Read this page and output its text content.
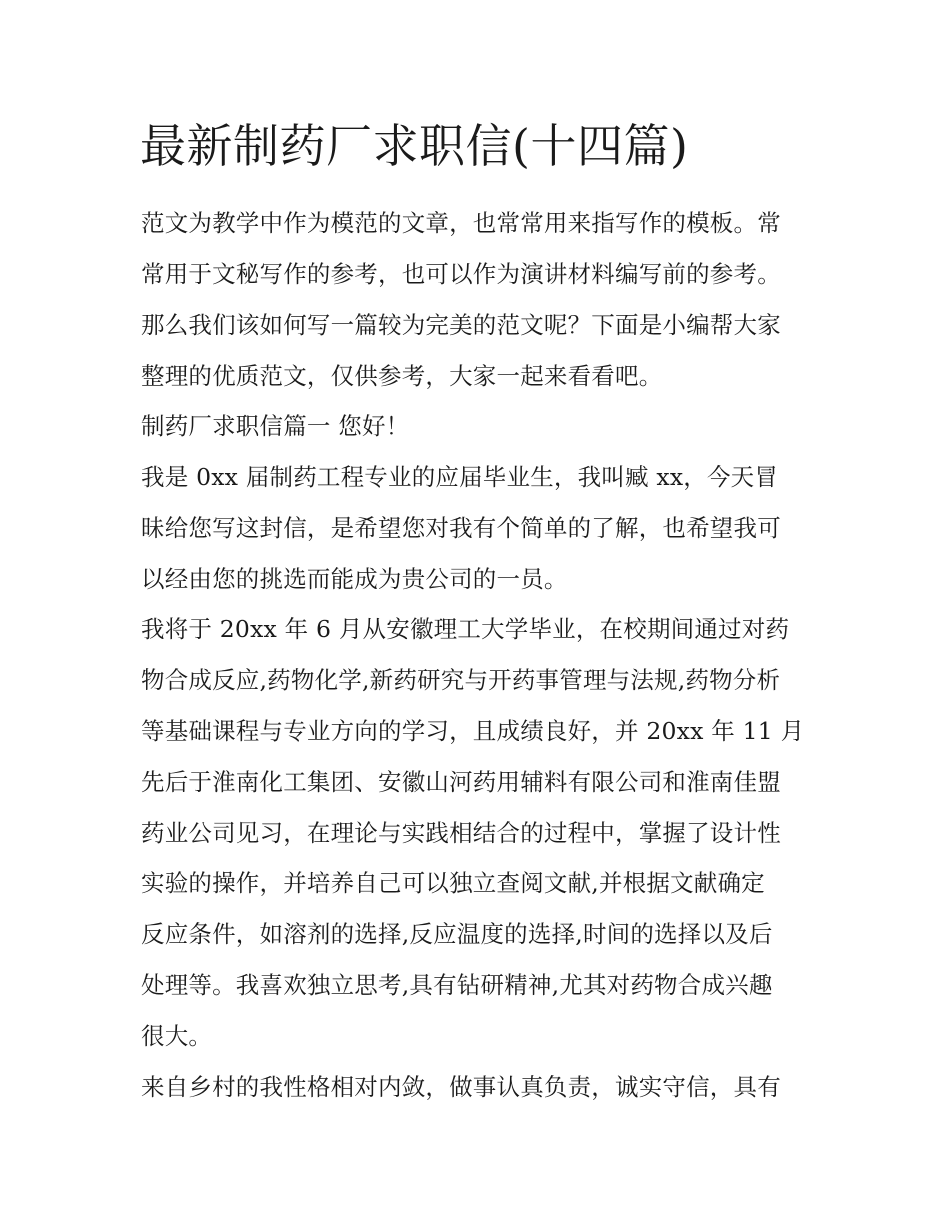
最新制药厂求职信(十四篇)

范文为教学中作为模范的文章，也常常用来指写作的模板。常

常用于文秘写作的参考，也可以作为演讲材料编写前的参考。

那么我们该如何写一篇较为完美的范文呢？下面是小编帮大家

整理的优质范文，仅供参考，大家一起来看看吧。

制药厂求职信篇一 您好！

我是 0xx 届制药工程专业的应届毕业生，我叫臧 xx，今天冒

昧给您写这封信，是希望您对我有个简单的了解，也希望我可

以经由您的挑选而能成为贵公司的一员。

我将于 20xx 年 6 月从安徽理工大学毕业，在校期间通过对药

物合成反应,药物化学,新药研究与开药事管理与法规,药物分析

等基础课程与专业方向的学习，且成绩良好，并 20xx 年 11 月

先后于淮南化工集团、安徽山河药用辅料有限公司和淮南佳盟

药业公司见习，在理论与实践相结合的过程中，掌握了设计性

实验的操作，并培养自己可以独立查阅文献,并根据文献确定

反应条件，如溶剂的选择,反应温度的选择,时间的选择以及后

处理等。我喜欢独立思考,具有钻研精神,尤其对药物合成兴趣

很大。

来自乡村的我性格相对内敛，做事认真负责，诚实守信，具有
